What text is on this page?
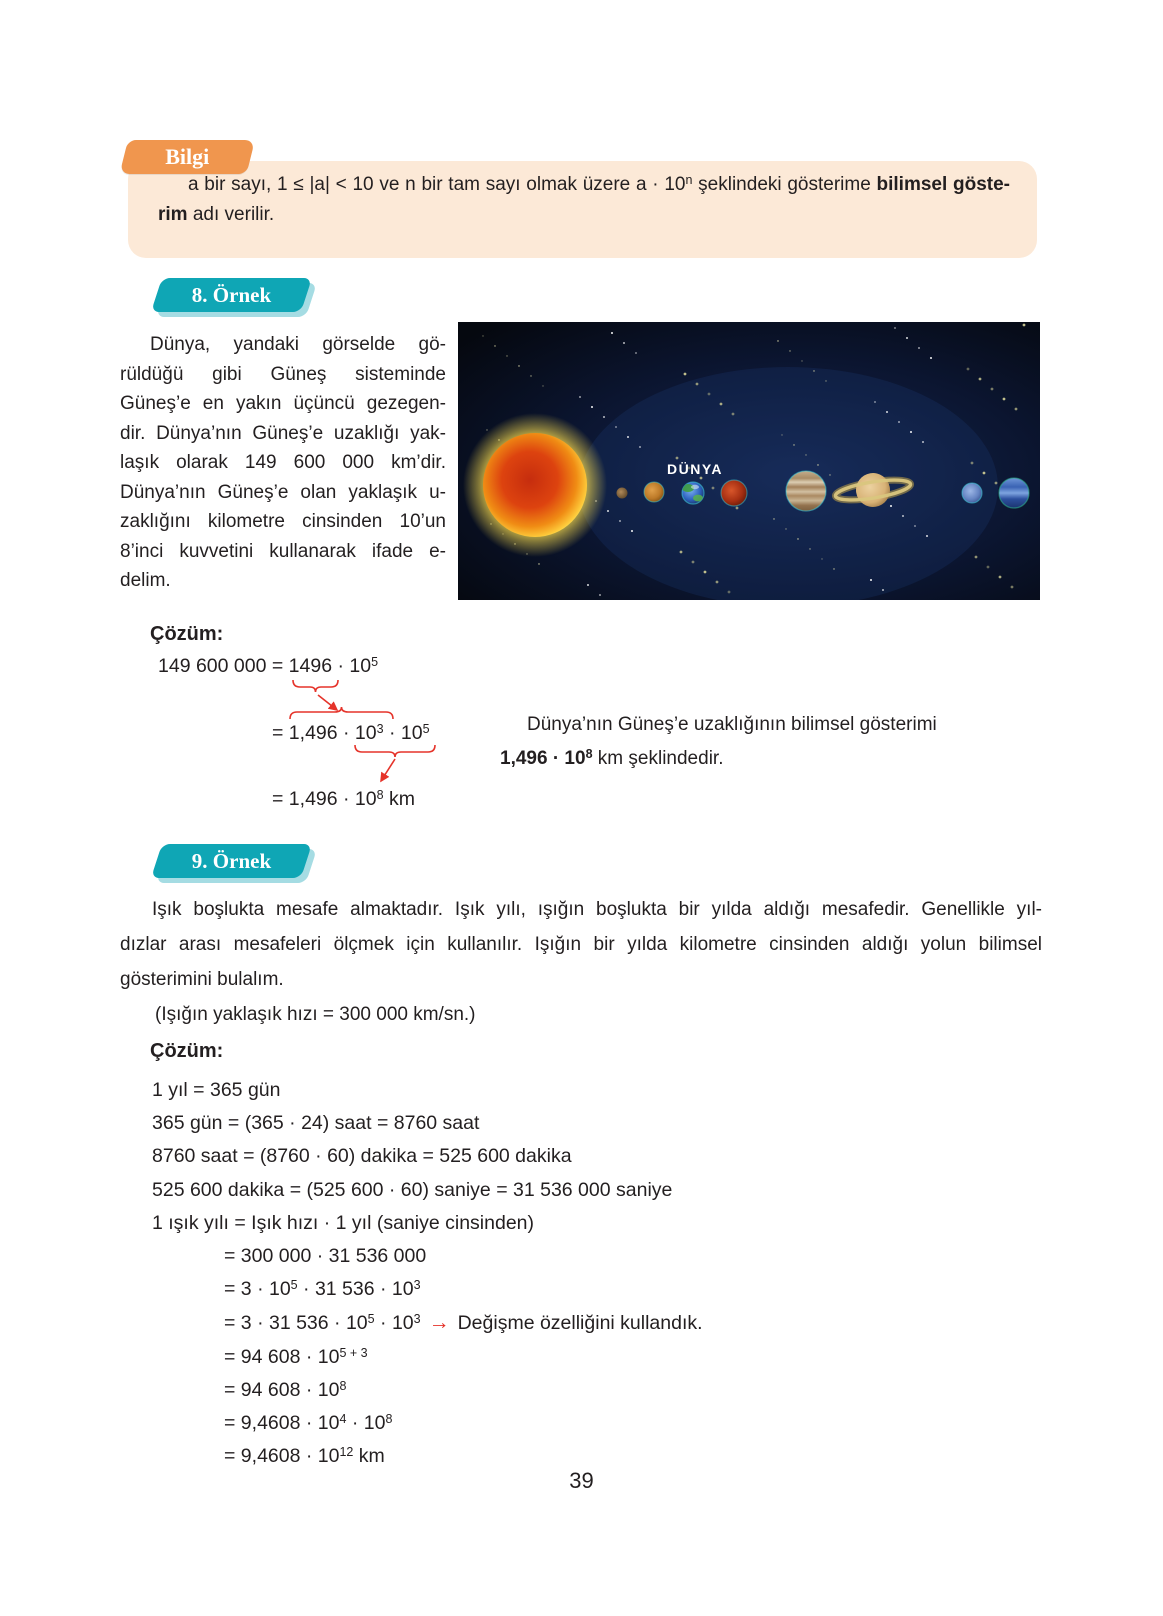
Bilgi
a bir sayı, 1 ≤ |a| < 10 ve n bir tam sayı olmak üzere $a \cdot 10^n$ şeklindeki gösterime bilimsel göste-
rim adı verilir.
8. Örnek
Dünya, yandaki görselde gö-
rüldüğü gibi Güneş sisteminde
Güneş’e en yakın üçüncü gezegen-
dir. Dünya’nın Güneş’e uzaklığı yak-
laşık olarak 149 600 000 km’dir.
Dünya’nın Güneş’e olan yaklaşık u-
zaklığını kilometre cinsinden 10’un
8’inci kuvvetini kullanarak ifade e-
delim.
DÜNYA
Çözüm:
149 600 $000 = 1496 \cdot 10^5$
= $1,496 \cdot 10^3 \cdot 10^5$
= $1,496 \cdot 10^8$ km
Dünya’nın Güneş’e uzaklığının bilimsel gösterimi
$1,496 \cdot 10^8$ km şeklindedir.
9. Örnek
Işık boşlukta mesafe almaktadır. Işık yılı, ışığın boşlukta bir yılda aldığı mesafedir. Genellikle yıl-
dızlar arası mesafeleri ölçmek için kullanılır. Işığın bir yılda kilometre cinsinden aldığı yolun bilimsel
gösterimini bulalım.
(Işığın yaklaşık hızı = 300 000 km/sn.)
Çözüm:
1 yıl = 365 gün
365 gün = (365 · 24) saat = 8760 saat
8760 saat = (8760 · 60) dakika = 525 600 dakika
525 600 dakika = (525 600 · 60) saniye = 31 536 000 saniye
1 ışık yılı = Işık hızı · 1 yıl (saniye cinsinden)
= 300 000 · 31 536 000
= $3 \cdot 10^5 \cdot 31$ $536 \cdot 10^3$
= 3 · 31 $536 \cdot 10^5 \cdot 10^3$ → Değişme özelliğini kullandık.
= 94 $608 \cdot 10^{5 + 3}$
= 94 $608 \cdot 10^8$
= $9,4608 \cdot 10^4 \cdot 10^8$
= $9,4608 \cdot 10^{12}$ km
39
